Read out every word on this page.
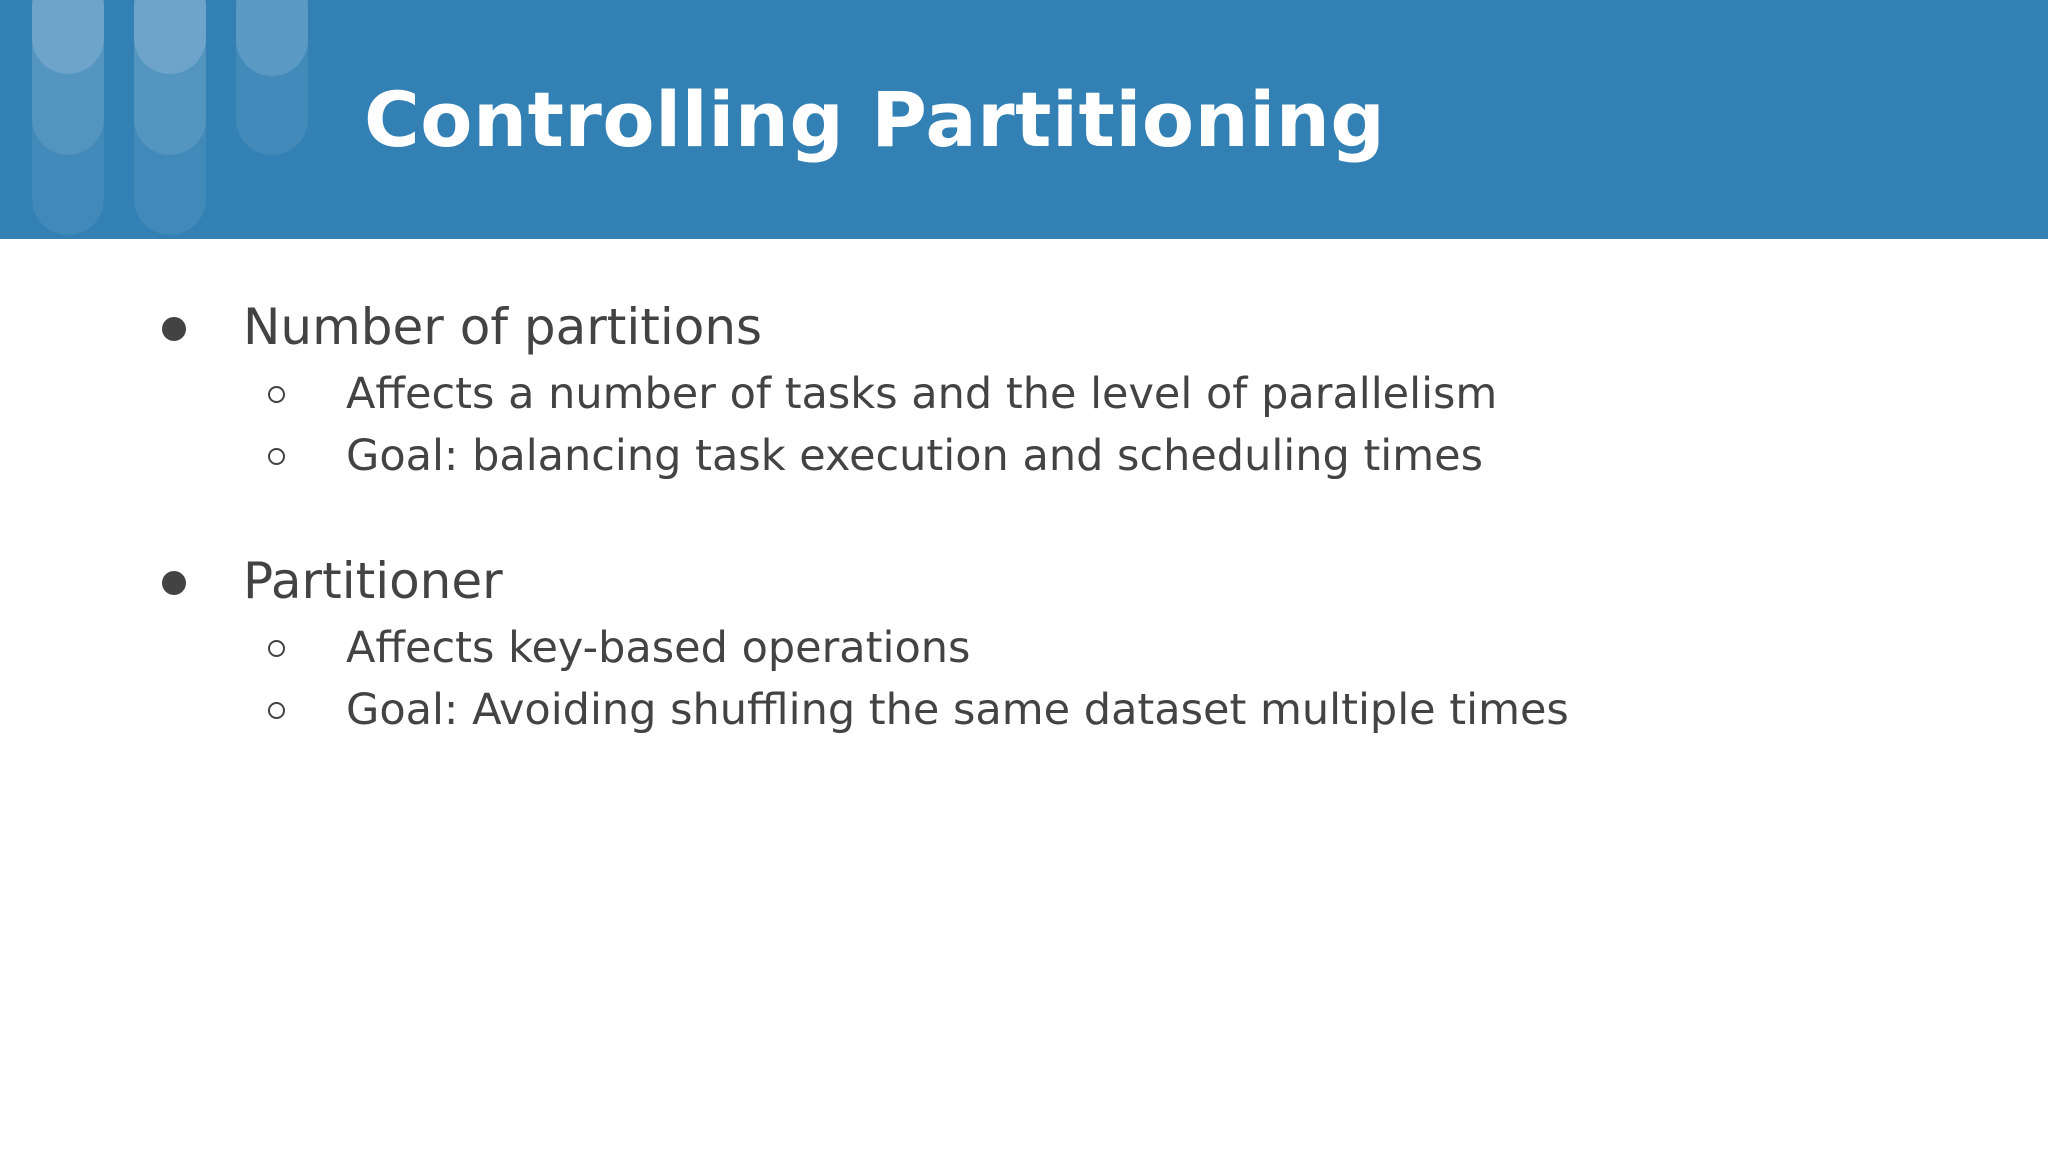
Controlling Partitioning
Number of partitions
Affects a number of tasks and the level of parallelism
Goal: balancing task execution and scheduling times
Partitioner
Affects key-based operations
Goal: Avoiding shuffling the same dataset multiple times
